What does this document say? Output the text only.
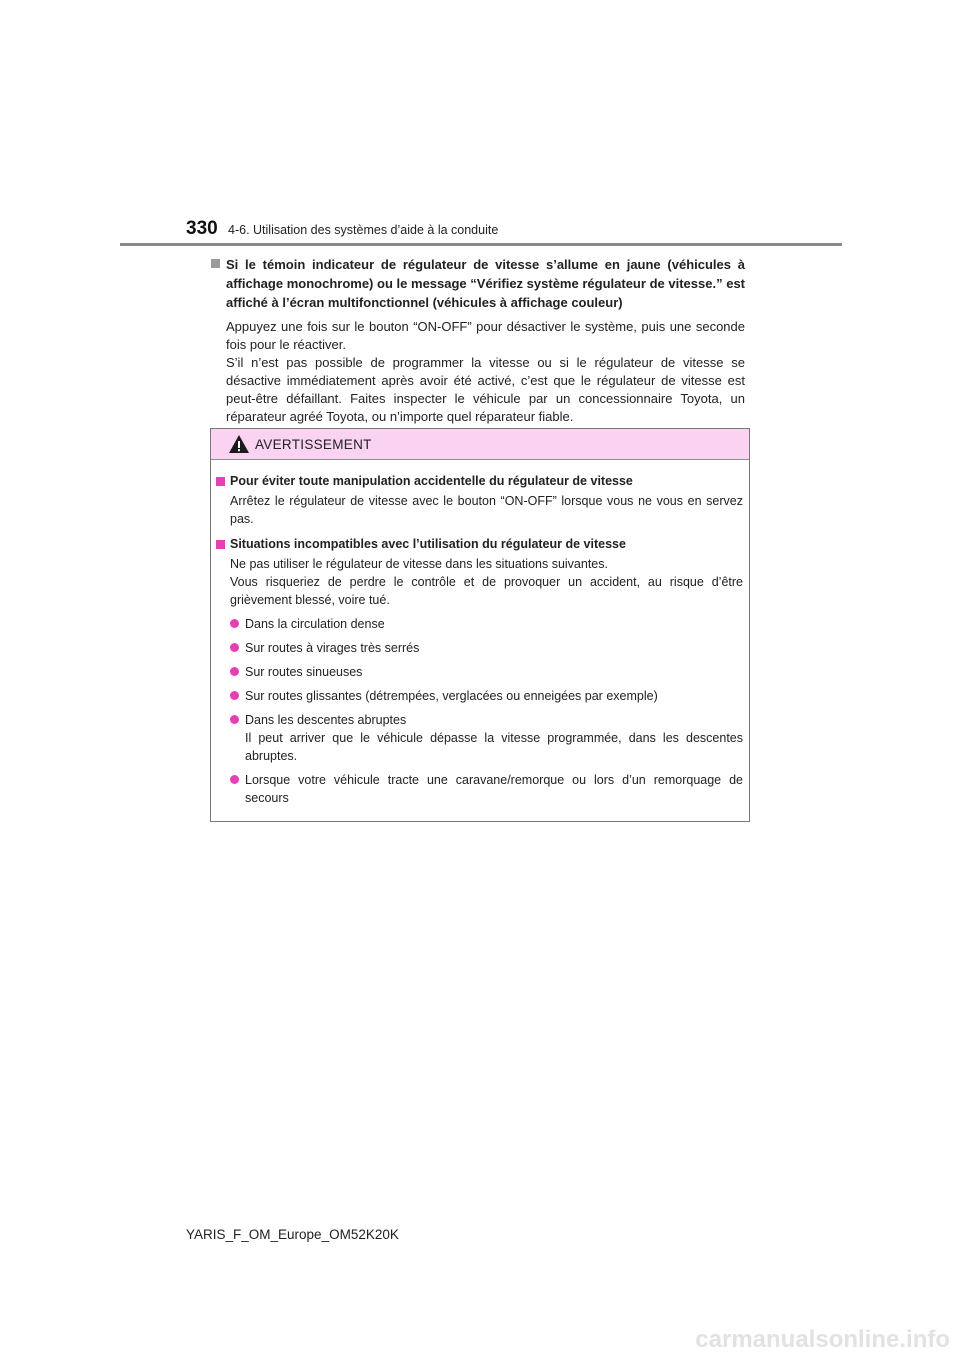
330 4-6. Utilisation des systèmes d’aide à la conduite
Si le témoin indicateur de régulateur de vitesse s’allume en jaune (véhicules à affichage monochrome) ou le message “Vérifiez système régulateur de vitesse.” est affiché à l’écran multifonctionnel (véhicules à affichage couleur)
Appuyez une fois sur le bouton “ON-OFF” pour désactiver le système, puis une seconde fois pour le réactiver.
S’il n’est pas possible de programmer la vitesse ou si le régulateur de vitesse se désactive immédiatement après avoir été activé, c’est que le régulateur de vitesse est peut-être défaillant. Faites inspecter le véhicule par un concessionnaire Toyota, un réparateur agréé Toyota, ou n’importe quel réparateur fiable.
AVERTISSEMENT
Pour éviter toute manipulation accidentelle du régulateur de vitesse
Arrêtez le régulateur de vitesse avec le bouton “ON-OFF” lorsque vous ne vous en servez pas.
Situations incompatibles avec l’utilisation du régulateur de vitesse
Ne pas utiliser le régulateur de vitesse dans les situations suivantes.
Vous risqueriez de perdre le contrôle et de provoquer un accident, au risque d’être grièvement blessé, voire tué.
Dans la circulation dense
Sur routes à virages très serrés
Sur routes sinueuses
Sur routes glissantes (détrempées, verglacées ou enneigées par exemple)
Dans les descentes abruptes
Il peut arriver que le véhicule dépasse la vitesse programmée, dans les descentes abruptes.
Lorsque votre véhicule tracte une caravane/remorque ou lors d’un remorquage de secours
YARIS_F_OM_Europe_OM52K20K
carmanualsonline.info
